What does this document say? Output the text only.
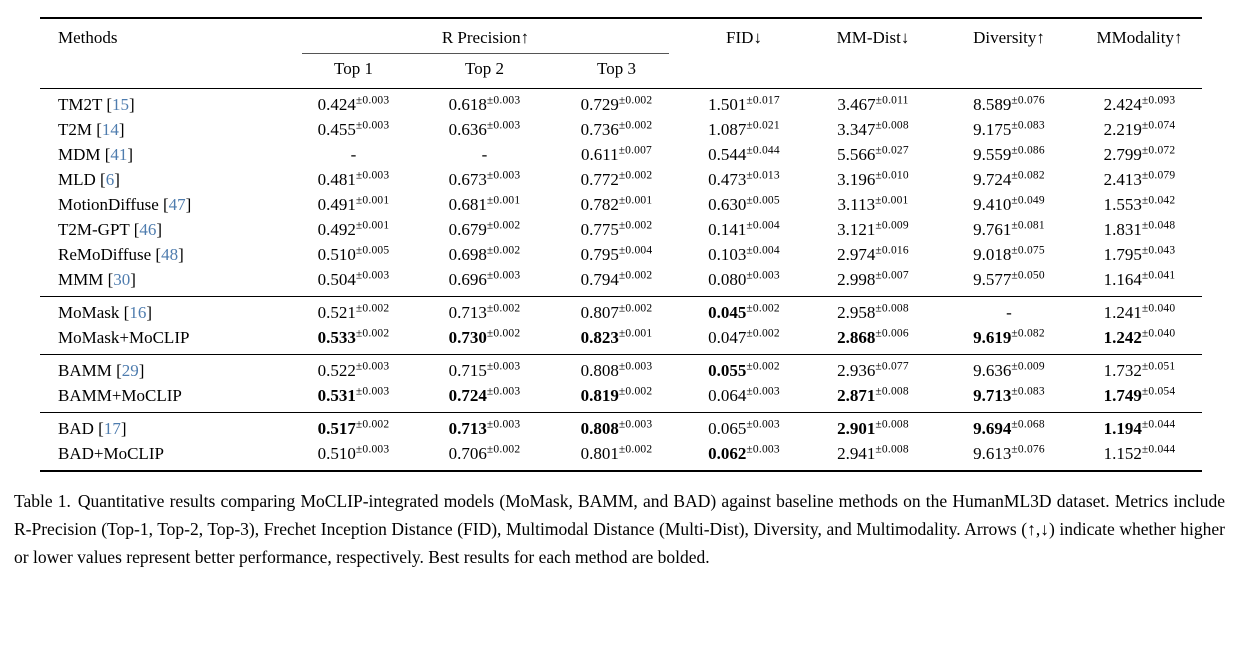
Methods	R Precision↑			FID↓	MM-Dist↓	Diversity↑	MModality↑
	Top 1	Top 2	Top 3				
TM2T [15]	$0.424^{\pm 0.003}$	$0.618^{\pm 0.003}$	$0.729^{\pm 0.002}$	$1.501^{\pm 0.017}$	$3.467^{\pm 0.011}$	$8.589^{\pm 0.076}$	$2.424^{\pm 0.093}$
T2M [14]	$0.455^{\pm 0.003}$	$0.636^{\pm 0.003}$	$0.736^{\pm 0.002}$	$1.087^{\pm 0.021}$	$3.347^{\pm 0.008}$	$9.175^{\pm 0.083}$	$2.219^{\pm 0.074}$
MDM [41]	-	-	$0.611^{\pm 0.007}$	$0.544^{\pm 0.044}$	$5.566^{\pm 0.027}$	$9.559^{\pm 0.086}$	$2.799^{\pm 0.072}$
MLD [6]	$0.481^{\pm 0.003}$	$0.673^{\pm 0.003}$	$0.772^{\pm 0.002}$	$0.473^{\pm 0.013}$	$3.196^{\pm 0.010}$	$9.724^{\pm 0.082}$	$2.413^{\pm 0.079}$
MotionDiffuse [47]	$0.491^{\pm 0.001}$	$0.681^{\pm 0.001}$	$0.782^{\pm 0.001}$	$0.630^{\pm 0.005}$	$3.113^{\pm 0.001}$	$9.410^{\pm 0.049}$	$1.553^{\pm 0.042}$
T2M-GPT [46]	$0.492^{\pm 0.001}$	$0.679^{\pm 0.002}$	$0.775^{\pm 0.002}$	$0.141^{\pm 0.004}$	$3.121^{\pm 0.009}$	$9.761^{\pm 0.081}$	$1.831^{\pm 0.048}$
ReMoDiffuse [48]	$0.510^{\pm 0.005}$	$0.698^{\pm 0.002}$	$0.795^{\pm 0.004}$	$0.103^{\pm 0.004}$	$2.974^{\pm 0.016}$	$9.018^{\pm 0.075}$	$1.795^{\pm 0.043}$
MMM [30]	$0.504^{\pm 0.003}$	$0.696^{\pm 0.003}$	$0.794^{\pm 0.002}$	$0.080^{\pm 0.003}$	$2.998^{\pm 0.007}$	$9.577^{\pm 0.050}$	$1.164^{\pm 0.041}$
MoMask [16]	$0.521^{\pm 0.002}$	$0.713^{\pm 0.002}$	$0.807^{\pm 0.002}$	$0.045^{\pm 0.002}$	$2.958^{\pm 0.008}$	-	$1.241^{\pm 0.040}$
MoMask+MoCLIP	$0.533^{\pm 0.002}$	$0.730^{\pm 0.002}$	$0.823^{\pm 0.001}$	$0.047^{\pm 0.002}$	$2.868^{\pm 0.006}$	$9.619^{\pm 0.082}$	$1.242^{\pm 0.040}$
BAMM [29]	$0.522^{\pm 0.003}$	$0.715^{\pm 0.003}$	$0.808^{\pm 0.003}$	$0.055^{\pm 0.002}$	$2.936^{\pm 0.077}$	$9.636^{\pm 0.009}$	$1.732^{\pm 0.051}$
BAMM+MoCLIP	$0.531^{\pm 0.003}$	$0.724^{\pm 0.003}$	$0.819^{\pm 0.002}$	$0.064^{\pm 0.003}$	$2.871^{\pm 0.008}$	$9.713^{\pm 0.083}$	$1.749^{\pm 0.054}$
BAD [17]	$0.517^{\pm 0.002}$	$0.713^{\pm 0.003}$	$0.808^{\pm 0.003}$	$0.065^{\pm 0.003}$	$2.901^{\pm 0.008}$	$9.694^{\pm 0.068}$	$1.194^{\pm 0.044}$
BAD+MoCLIP	$0.510^{\pm 0.003}$	$0.706^{\pm 0.002}$	$0.801^{\pm 0.002}$	$0.062^{\pm 0.003}$	$2.941^{\pm 0.008}$	$9.613^{\pm 0.076}$	$1.152^{\pm 0.044}$

Table 1. Quantitative results comparing MoCLIP-integrated models (MoMask, BAMM, and BAD) against baseline methods on the HumanML3D dataset. Metrics include R-Precision (Top-1, Top-2, Top-3), Frechet Inception Distance (FID), Multimodal Distance (Multi-Dist), Diversity, and Multimodality. Arrows (↑,↓) indicate whether higher or lower values represent better performance, respectively. Best results for each method are bolded.
